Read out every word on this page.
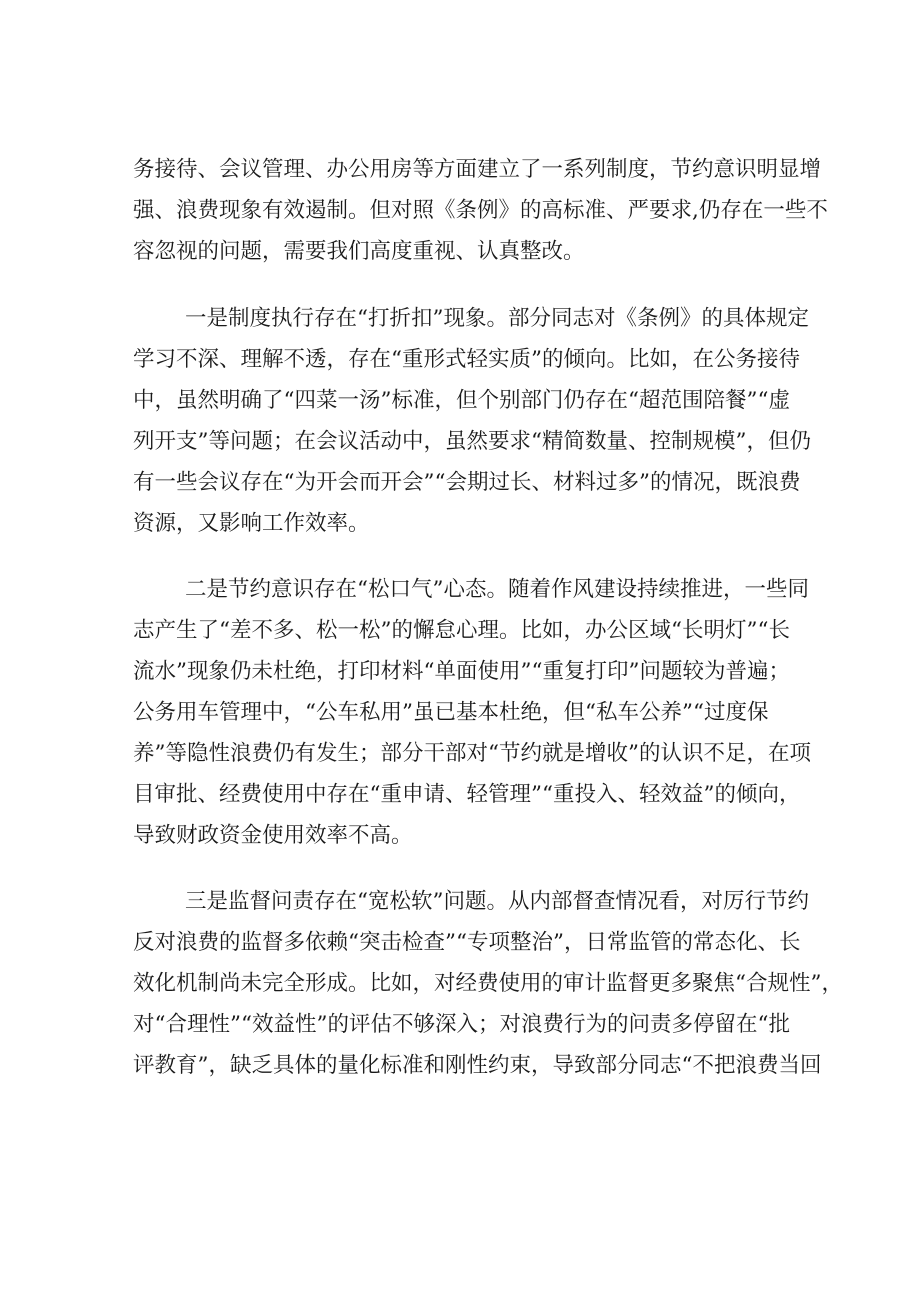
务接待、会议管理、办公用房等方面建立了一系列制度，节约意识明显增
强、浪费现象有效遏制。但对照《条例》的高标准、严要求,仍存在一些不
容忽视的问题，需要我们高度重视、认真整改。
一是制度执行存在“打折扣”现象。部分同志对《条例》的具体规定
学习不深、理解不透，存在“重形式轻实质”的倾向。比如，在公务接待
中，虽然明确了“四菜一汤”标准，但个别部门仍存在“超范围陪餐”“虚
列开支”等问题；在会议活动中，虽然要求“精简数量、控制规模”，但仍
有一些会议存在“为开会而开会”“会期过长、材料过多”的情况，既浪费
资源，又影响工作效率。
二是节约意识存在“松口气”心态。随着作风建设持续推进，一些同
志产生了“差不多、松一松”的懈怠心理。比如，办公区域“长明灯”“长
流水”现象仍未杜绝，打印材料“单面使用”“重复打印”问题较为普遍；
公务用车管理中，“公车私用”虽已基本杜绝，但“私车公养”“过度保
养”等隐性浪费仍有发生；部分干部对“节约就是增收”的认识不足，在项
目审批、经费使用中存在“重申请、轻管理”“重投入、轻效益”的倾向，
导致财政资金使用效率不高。
三是监督问责存在“宽松软”问题。从内部督查情况看，对厉行节约
反对浪费的监督多依赖“突击检查”“专项整治”，日常监管的常态化、长
效化机制尚未完全形成。比如，对经费使用的审计监督更多聚焦“合规性”，
对“合理性”“效益性”的评估不够深入；对浪费行为的问责多停留在“批
评教育”，缺乏具体的量化标准和刚性约束，导致部分同志“不把浪费当回
